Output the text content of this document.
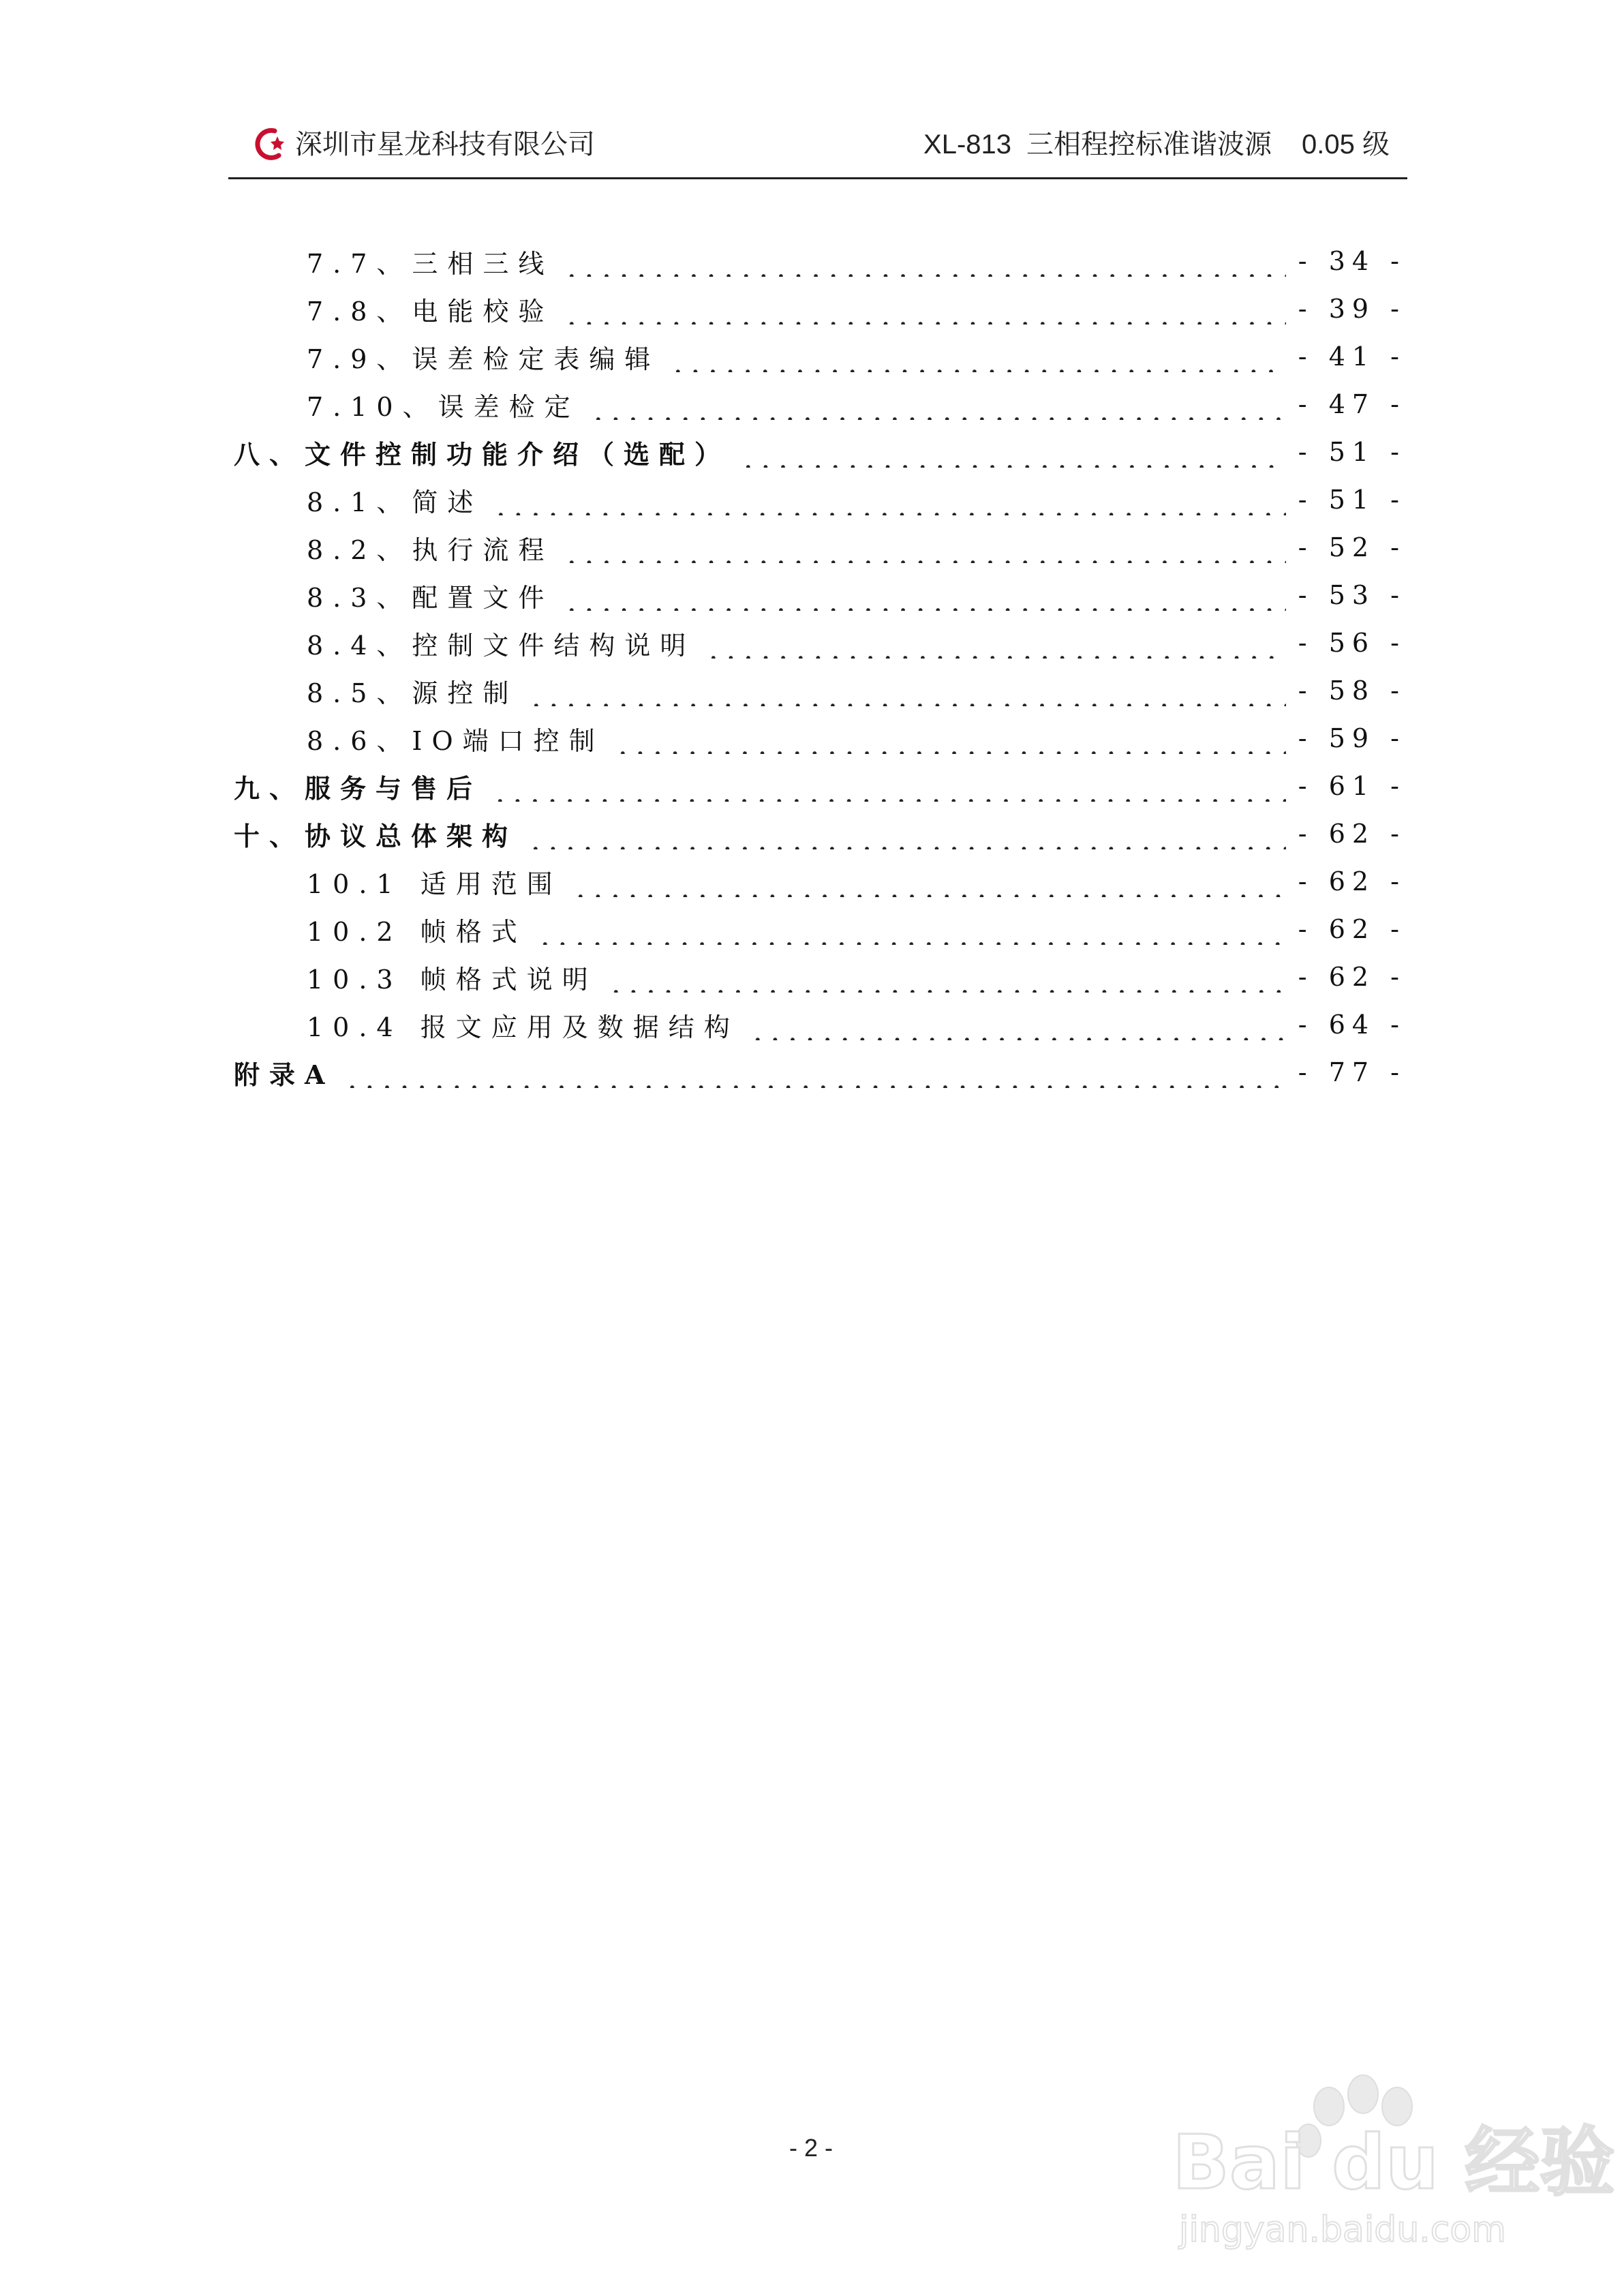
深圳市星龙科技有限公司	XL-813 三相程控标准谐波源 0.05 级
7.7、三相三线	- 34 -
7.8、电能校验	- 39 -
7.9、误差检定表编辑	- 41 -
7.10、误差检定	- 47 -
八、文件控制功能介绍（选配）	- 51 -
8.1、简述	- 51 -
8.2、执行流程	- 52 -
8.3、配置文件	- 53 -
8.4、控制文件结构说明	- 56 -
8.5、源控制	- 58 -
8.6、IO端口控制	- 59 -
九、服务与售后	- 61 -
十、协议总体架构	- 62 -
10.1 适用范围	- 62 -
10.2 帧格式	- 62 -
10.3 帧格式说明	- 62 -
10.4 报文应用及数据结构	- 64 -
附录A	- 77 -
- 2 -	Bai du 经验
jingyan.baidu.com
